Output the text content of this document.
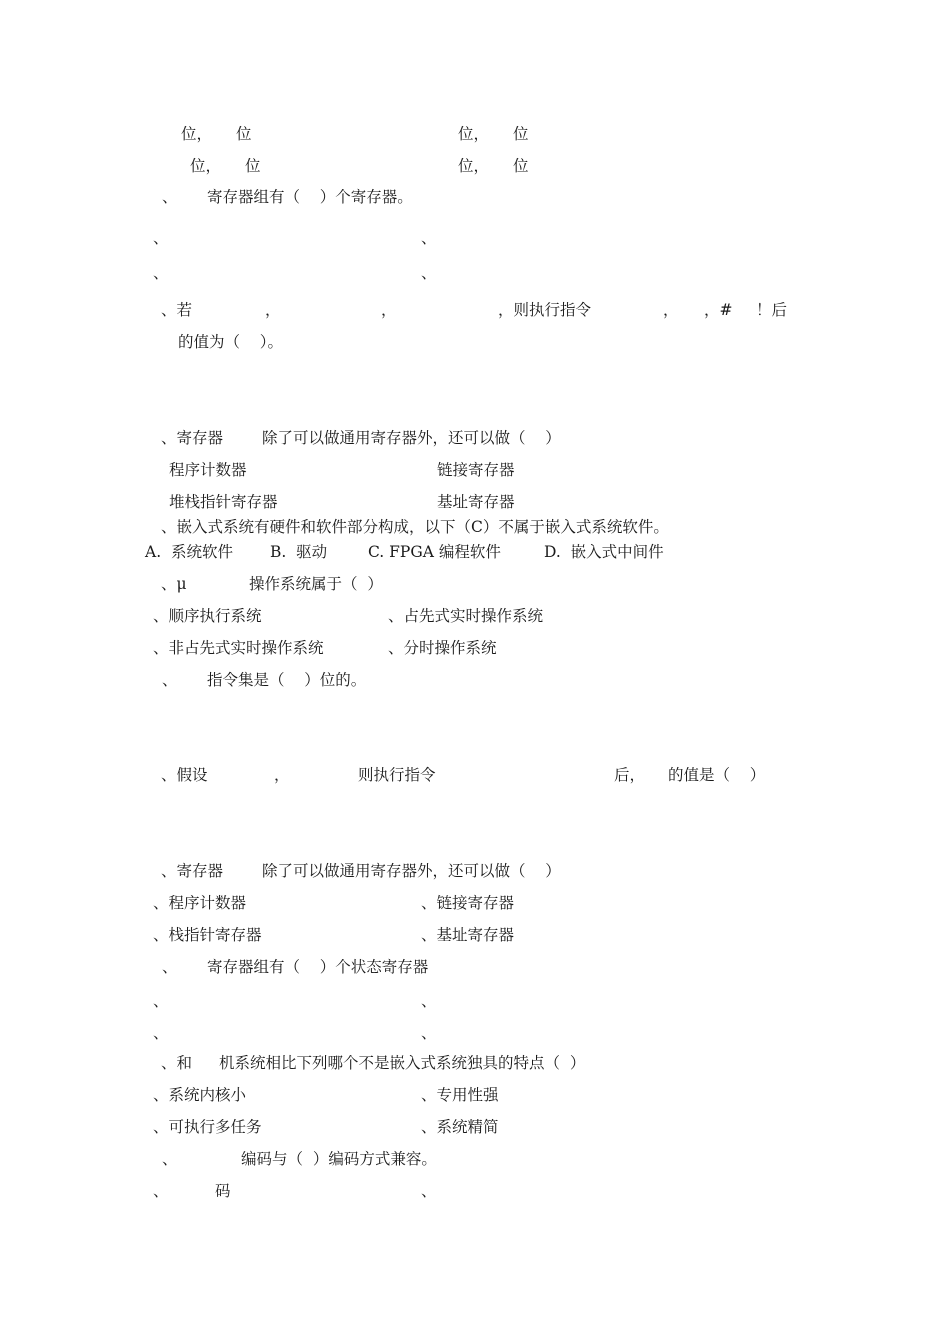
位， 位	位， 位
位， 位	位， 位
、 寄存器组有（    ）个寄存器。
、	、
、	、
、若	，	，	，则执行指令	， ，# ！后
的值为（    ）。
、寄存器	除了可以做通用寄存器外，还可以做（    ）
程序计数器	链接寄存器
堆栈指针寄存器	基址寄存器
、嵌入式系统有硬件和软件部分构成，以下（C）不属于嵌入式系统软件。
A.  系统软件 B.  驱动	C. FPGA 编程软件	D.  嵌入式中间件
、μ	操作系统属于（  ）
、顺序执行系统	、占先式实时操作系统
、非占先式实时操作系统	、分时操作系统
、 指令集是（    ）位的。
、假设	，	则执行指令	后， 的值是（    ）
、寄存器	除了可以做通用寄存器外，还可以做（    ）
、程序计数器	、链接寄存器
、栈指针寄存器	、基址寄存器
、 寄存器组有（    ）个状态寄存器
、	、
、	、
、和 机系统相比下列哪个不是嵌入式系统独具的特点（  ）
、系统内核小	、专用性强
、可执行多任务	、系统精简
、	编码与（  ）编码方式兼容。
、	码	、
